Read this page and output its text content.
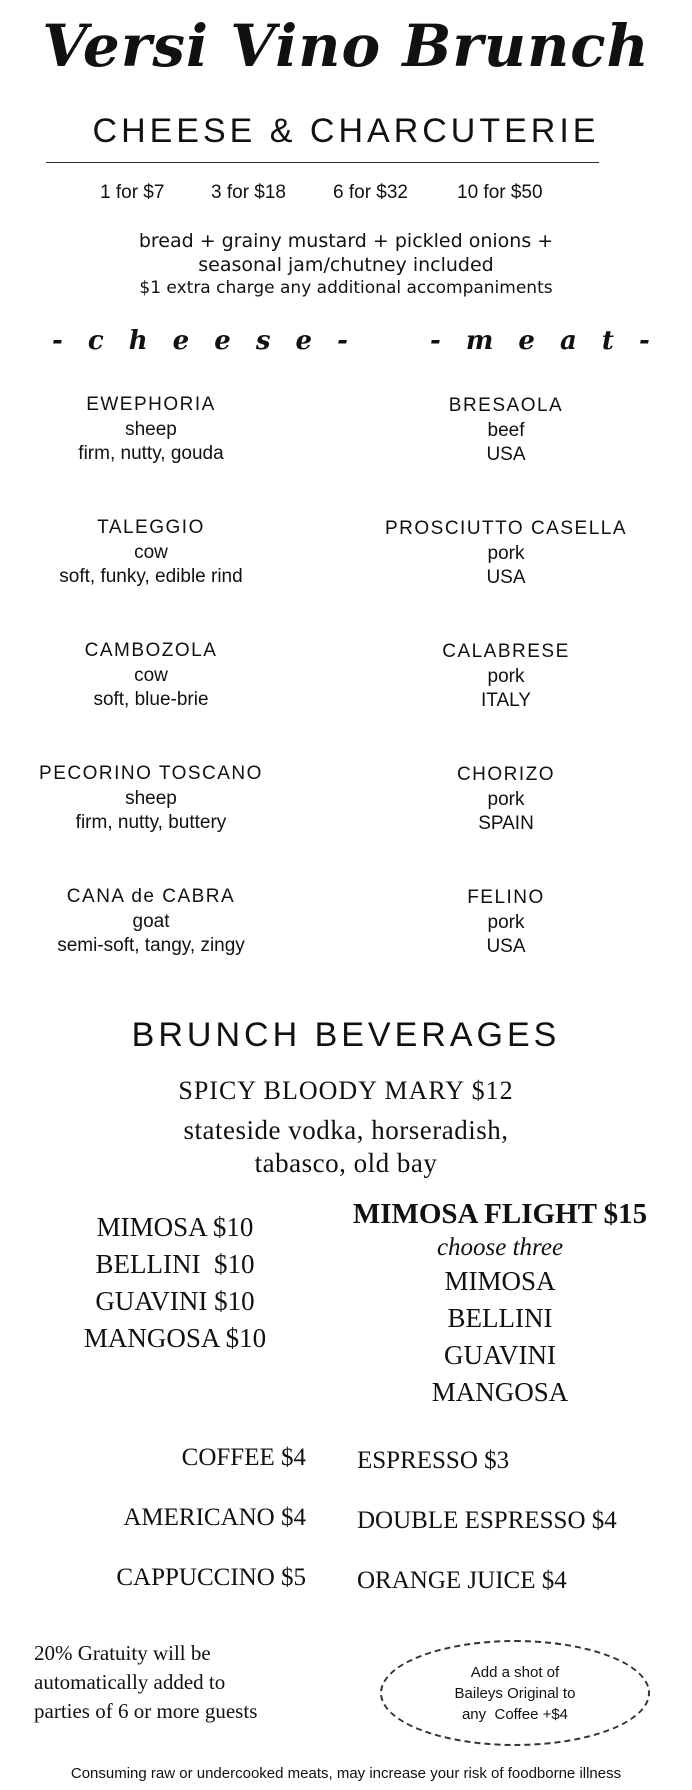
Versi Vino Brunch
CHEESE & CHARCUTERIE
1 for $7 3 for $18 6 for $32	10 for $50
bread + grainy mustard + pickled onions +
seasonal jam/chutney included
$1 extra charge any additional accompaniments
- c h e e s e -	- m e a t -
EWEPHORIA
sheep
firm, nutty, gouda
TALEGGIO
cow
soft, funky, edible rind
CAMBOZOLA
cow
soft, blue-brie
PECORINO TOSCANO
sheep
firm, nutty, buttery
CANA de CABRA
goat
semi-soft, tangy, zingy
BRESAOLA
beef
USA
PROSCIUTTO CASELLA
pork
USA
CALABRESE
pork
ITALY
CHORIZO
pork
SPAIN
FELINO
pork
USA
BRUNCH BEVERAGES
SPICY BLOODY MARY $12
stateside vodka, horseradish,
tabasco, old bay
MIMOSA $10
BELLINI  $10
GUAVINI $10
MANGOSA $10
MIMOSA FLIGHT $15
choose three
MIMOSA
BELLINI
GUAVINI
MANGOSA
COFFEE $4
AMERICANO $4
CAPPUCCINO $5
ESPRESSO $3
DOUBLE ESPRESSO $4
ORANGE JUICE $4
20% Gratuity will be
automatically added to
parties of 6 or more guests
Add a shot of
Baileys Original to
any  Coffee +$4
Consuming raw or undercooked meats, may increase your risk of foodborne illness
